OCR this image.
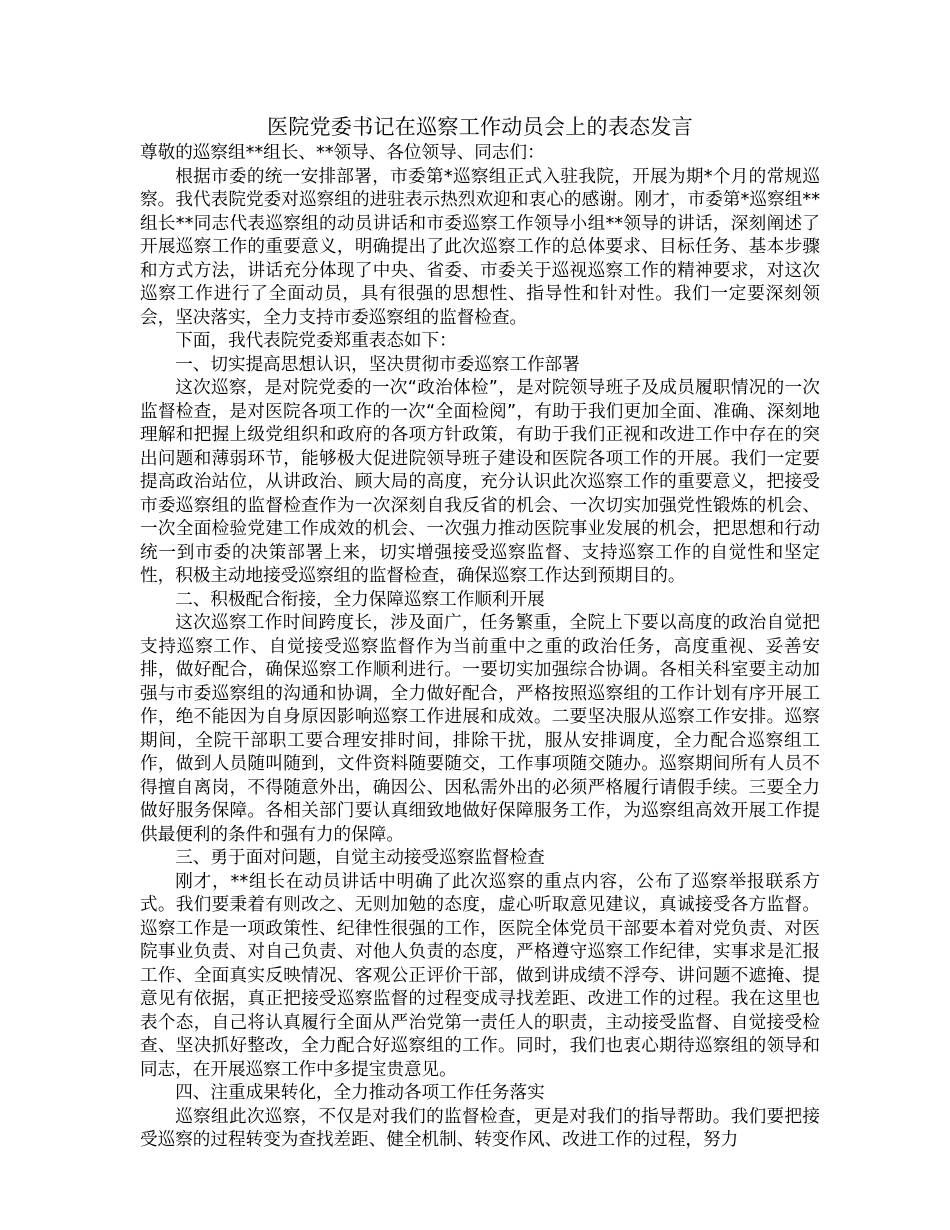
医院党委书记在巡察工作动员会上的表态发言

尊敬的巡察组**组长、**领导、各位领导、同志们：

根据市委的统一安排部署，市委第*巡察组正式入驻我院，开展为期*个月的常规巡察。我代表院党委对巡察组的进驻表示热烈欢迎和衷心的感谢。刚才，市委第*巡察组**组长**同志代表巡察组的动员讲话和市委巡察工作领导小组**领导的讲话，深刻阐述了开展巡察工作的重要意义，明确提出了此次巡察工作的总体要求、目标任务、基本步骤和方式方法，讲话充分体现了中央、省委、市委关于巡视巡察工作的精神要求，对这次巡察工作进行了全面动员，具有很强的思想性、指导性和针对性。我们一定要深刻领会，坚决落实，全力支持市委巡察组的监督检查。

下面，我代表院党委郑重表态如下：

一、切实提高思想认识，坚决贯彻市委巡察工作部署

这次巡察，是对院党委的一次“政治体检”，是对院领导班子及成员履职情况的一次监督检查，是对医院各项工作的一次“全面检阅”，有助于我们更加全面、准确、深刻地理解和把握上级党组织和政府的各项方针政策，有助于我们正视和改进工作中存在的突出问题和薄弱环节，能够极大促进院领导班子建设和医院各项工作的开展。我们一定要提高政治站位，从讲政治、顾大局的高度，充分认识此次巡察工作的重要意义，把接受市委巡察组的监督检查作为一次深刻自我反省的机会、一次切实加强党性锻炼的机会、一次全面检验党建工作成效的机会、一次强力推动医院事业发展的机会，把思想和行动统一到市委的决策部署上来，切实增强接受巡察监督、支持巡察工作的自觉性和坚定性，积极主动地接受巡察组的监督检查，确保巡察工作达到预期目的。

二、积极配合衔接，全力保障巡察工作顺利开展

这次巡察工作时间跨度长，涉及面广，任务繁重，全院上下要以高度的政治自觉把支持巡察工作、自觉接受巡察监督作为当前重中之重的政治任务，高度重视、妥善安排，做好配合，确保巡察工作顺利进行。一要切实加强综合协调。各相关科室要主动加强与市委巡察组的沟通和协调，全力做好配合，严格按照巡察组的工作计划有序开展工作，绝不能因为自身原因影响巡察工作进展和成效。二要坚决服从巡察工作安排。巡察期间，全院干部职工要合理安排时间，排除干扰，服从安排调度，全力配合巡察组工作，做到人员随叫随到，文件资料随要随交，工作事项随交随办。巡察期间所有人员不得擅自离岗，不得随意外出，确因公、因私需外出的必须严格履行请假手续。三要全力做好服务保障。各相关部门要认真细致地做好保障服务工作，为巡察组高效开展工作提供最便利的条件和强有力的保障。

三、勇于面对问题，自觉主动接受巡察监督检查

刚才，**组长在动员讲话中明确了此次巡察的重点内容，公布了巡察举报联系方式。我们要秉着有则改之、无则加勉的态度，虚心听取意见建议，真诚接受各方监督。巡察工作是一项政策性、纪律性很强的工作，医院全体党员干部要本着对党负责、对医院事业负责、对自己负责、对他人负责的态度，严格遵守巡察工作纪律，实事求是汇报工作、全面真实反映情况、客观公正评价干部，做到讲成绩不浮夸、讲问题不遮掩、提意见有依据，真正把接受巡察监督的过程变成寻找差距、改进工作的过程。我在这里也表个态，自己将认真履行全面从严治党第一责任人的职责，主动接受监督、自觉接受检查、坚决抓好整改，全力配合好巡察组的工作。同时，我们也衷心期待巡察组的领导和同志，在开展巡察工作中多提宝贵意见。

四、注重成果转化，全力推动各项工作任务落实

巡察组此次巡察，不仅是对我们的监督检查，更是对我们的指导帮助。我们要把接受巡察的过程转变为查找差距、健全机制、转变作风、改进工作的过程，努力
